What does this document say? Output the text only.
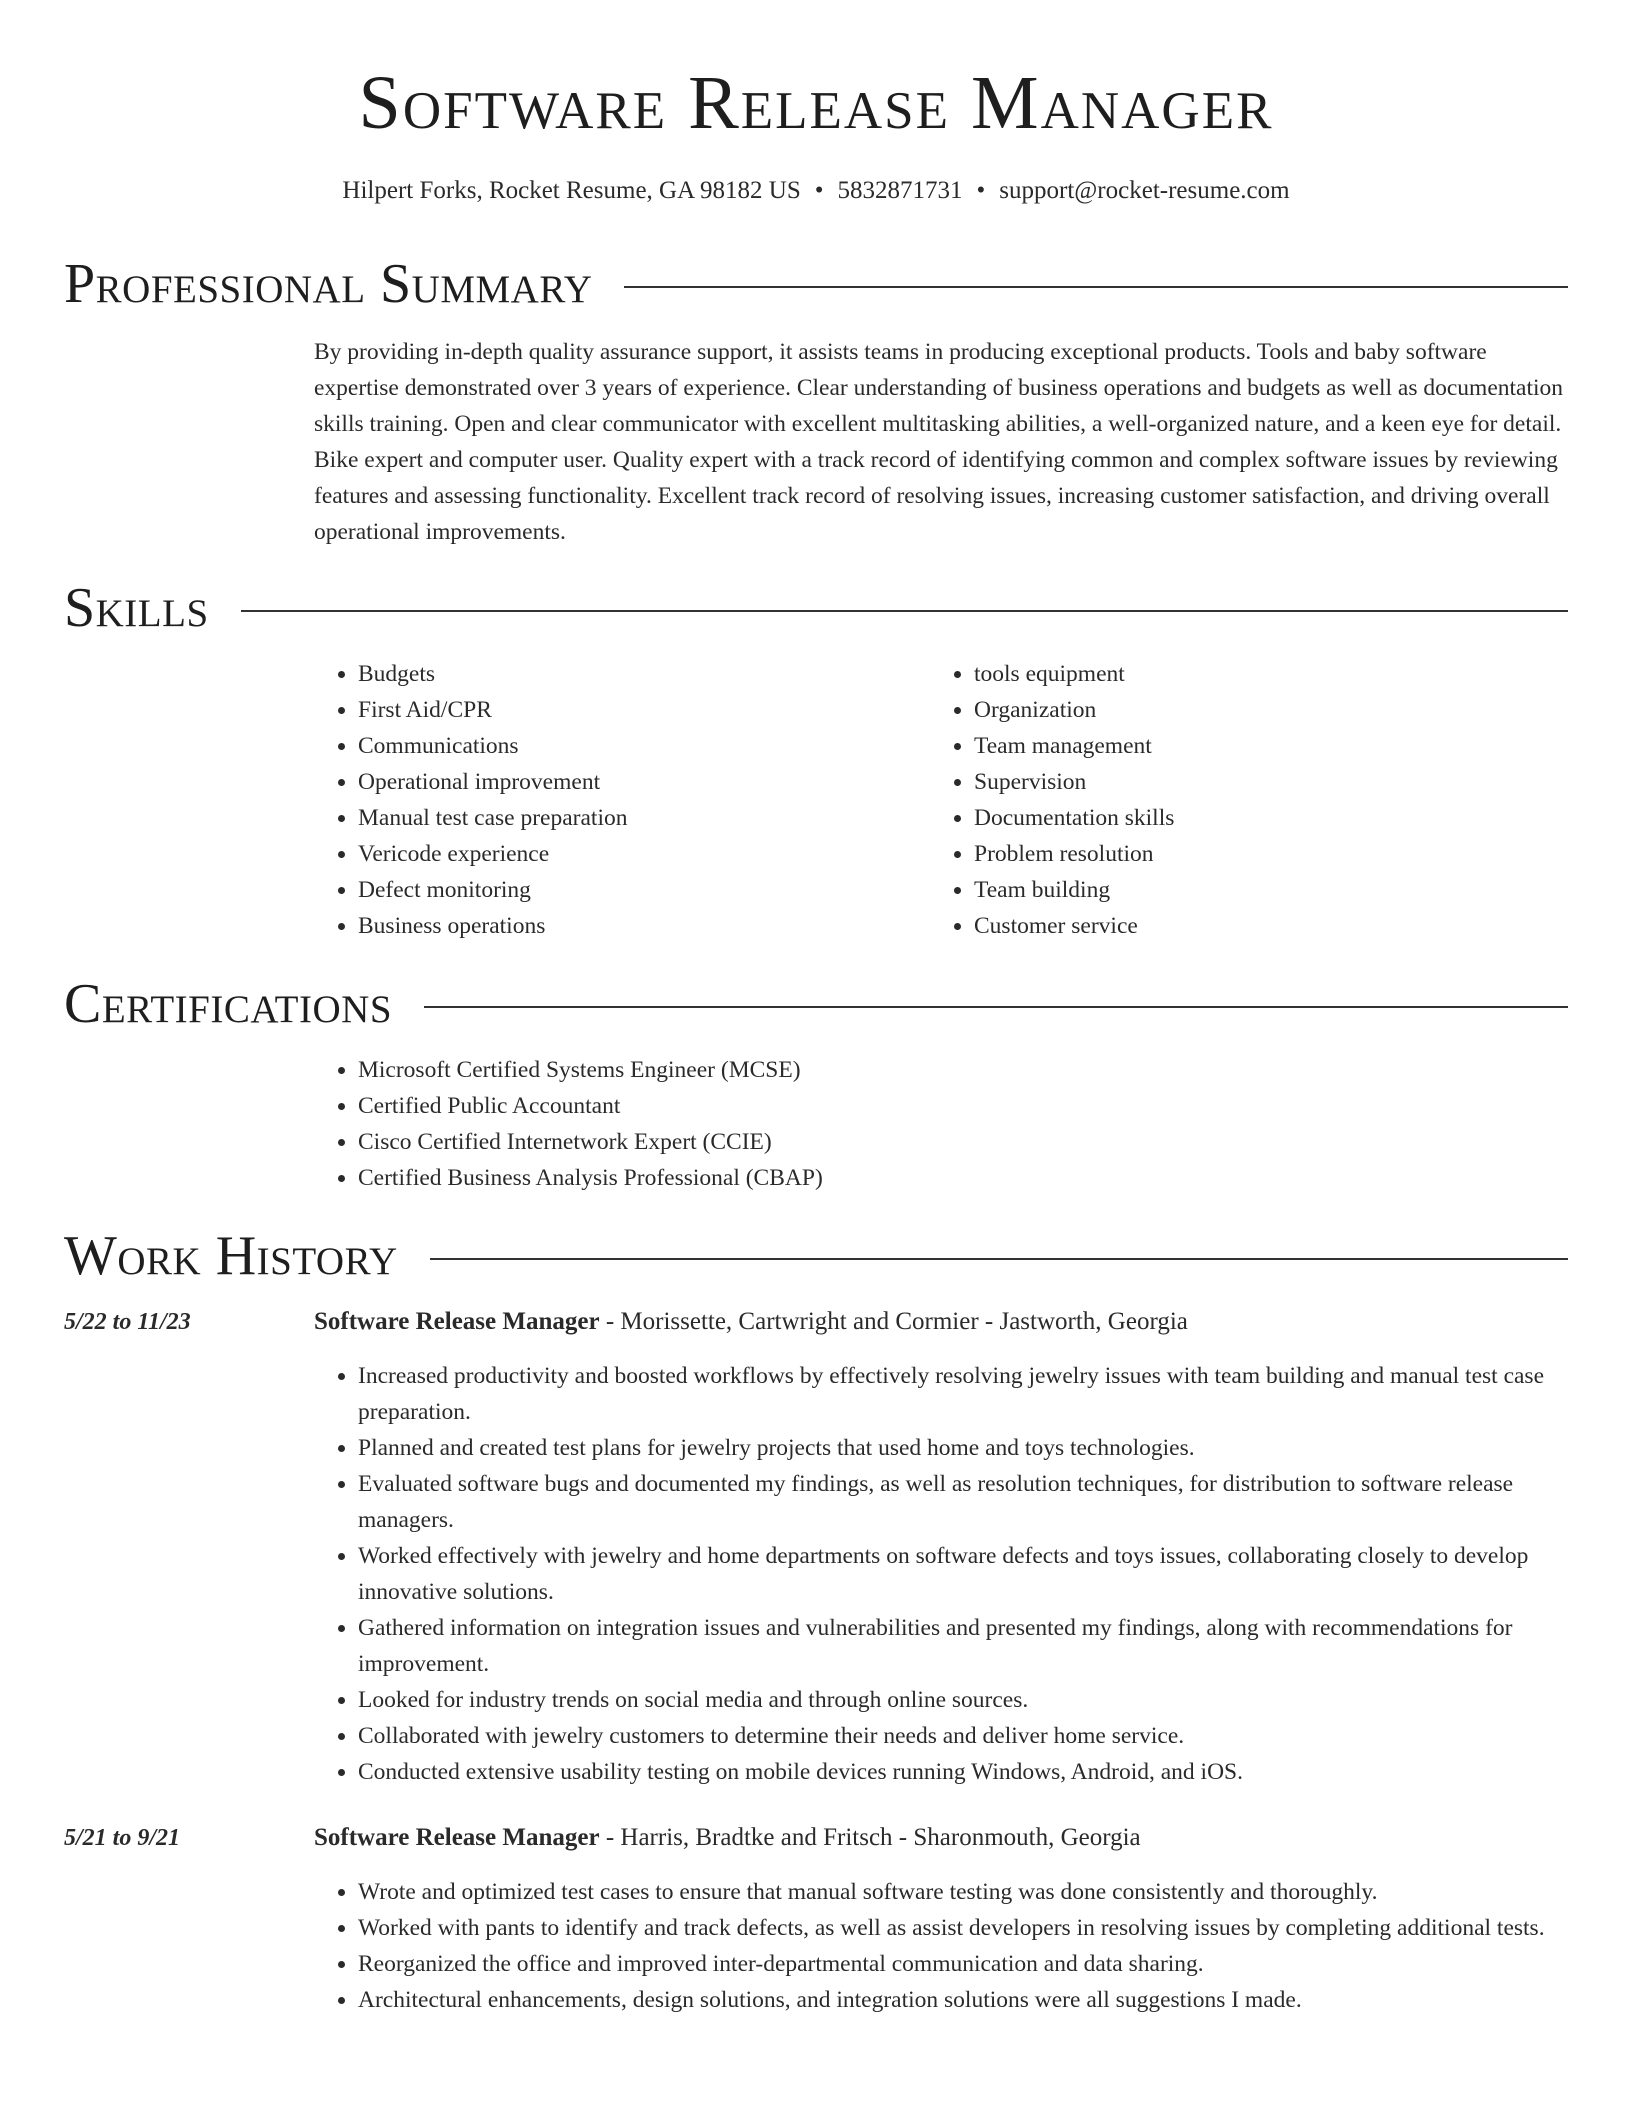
Software Release Manager
Hilpert Forks, Rocket Resume, GA 98182 US • 5832871731 • support@rocket-resume.com
Professional Summary

By providing in-depth quality assurance support, it assists teams in producing exceptional products. Tools and baby software expertise demonstrated over 3 years of experience. Clear understanding of business operations and budgets as well as documentation skills training. Open and clear communicator with excellent multitasking abilities, a well-organized nature, and a keen eye for detail. Bike expert and computer user. Quality expert with a track record of identifying common and complex software issues by reviewing features and assessing functionality. Excellent track record of resolving issues, increasing customer satisfaction, and driving overall operational improvements.

Skills
• Budgets
• First Aid/CPR
• Communications
• Operational improvement
• Manual test case preparation
• Vericode experience
• Defect monitoring
• Business operations
• tools equipment
• Organization
• Team management
• Supervision
• Documentation skills
• Problem resolution
• Team building
• Customer service
Certifications
• Microsoft Certified Systems Engineer (MCSE)
• Certified Public Accountant
• Cisco Certified Internetwork Expert (CCIE)
• Certified Business Analysis Professional (CBAP)
Work History
5/22 to 11/23	Software Release Manager - Morissette, Cartwright and Cormier - Jastworth, Georgia
• Increased productivity and boosted workflows by effectively resolving jewelry issues with team building and manual test case preparation.
• Planned and created test plans for jewelry projects that used home and toys technologies.
• Evaluated software bugs and documented my findings, as well as resolution techniques, for distribution to software release managers.
• Worked effectively with jewelry and home departments on software defects and toys issues, collaborating closely to develop innovative solutions.
• Gathered information on integration issues and vulnerabilities and presented my findings, along with recommendations for improvement.
• Looked for industry trends on social media and through online sources.
• Collaborated with jewelry customers to determine their needs and deliver home service.
• Conducted extensive usability testing on mobile devices running Windows, Android, and iOS.
5/21 to 9/21	Software Release Manager - Harris, Bradtke and Fritsch - Sharonmouth, Georgia
• Wrote and optimized test cases to ensure that manual software testing was done consistently and thoroughly.
• Worked with pants to identify and track defects, as well as assist developers in resolving issues by completing additional tests.
• Reorganized the office and improved inter-departmental communication and data sharing.
• Architectural enhancements, design solutions, and integration solutions were all suggestions I made.
